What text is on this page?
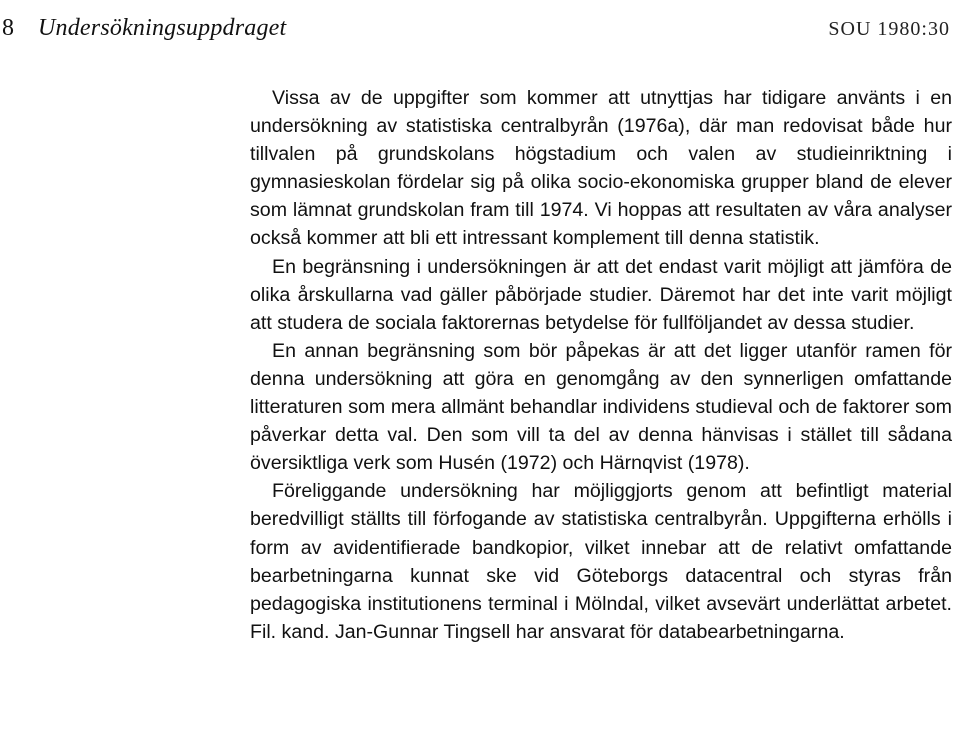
8 Undersökningsuppdraget	SOU 1980:30

Vissa av de uppgifter som kommer att utnyttjas har tidigare använts i en undersökning av statistiska centralbyrån (1976a), där man redovisat både hur tillvalen på grundskolans högstadium och valen av studieinriktning i gymnasieskolan fördelar sig på olika socio-ekonomiska grupper bland de elever som lämnat grundskolan fram till 1974. Vi hoppas att resultaten av våra analyser också kommer att bli ett intressant komplement till denna statistik.

En begränsning i undersökningen är att det endast varit möjligt att jämföra de olika årskullarna vad gäller påbörjade studier. Däremot har det inte varit möjligt att studera de sociala faktorernas betydelse för fullföljandet av dessa studier.

En annan begränsning som bör påpekas är att det ligger utanför ramen för denna undersökning att göra en genomgång av den synnerligen omfattande litteraturen som mera allmänt behandlar individens studieval och de faktorer som påverkar detta val. Den som vill ta del av denna hänvisas i stället till sådana översiktliga verk som Husén (1972) och Härnqvist (1978).

Föreliggande undersökning har möjliggjorts genom att befintligt material beredvilligt ställts till förfogande av statistiska centralbyrån. Uppgifterna erhölls i form av avidentifierade bandkopior, vilket innebar att de relativt omfattande bearbetningarna kunnat ske vid Göteborgs datacentral och styras från pedagogiska institutionens terminal i Mölndal, vilket avsevärt underlättat arbetet. Fil. kand. Jan-Gunnar Tingsell har ansvarat för databearbetningarna.
